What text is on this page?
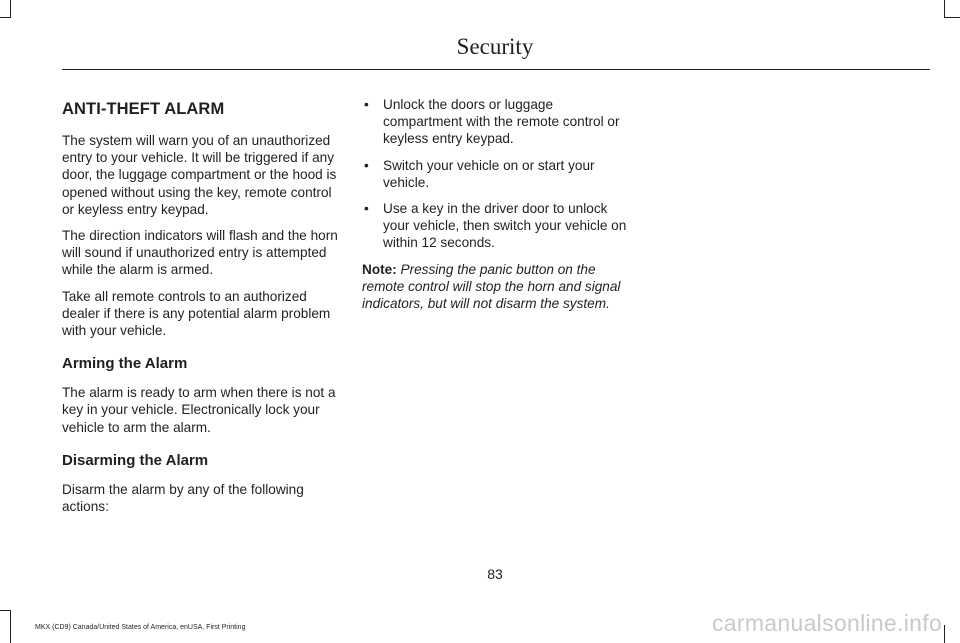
Security
ANTI-THEFT ALARM

The system will warn you of an unauthorized entry to your vehicle. It will be triggered if any door, the luggage compartment or the hood is opened without using the key, remote control or keyless entry keypad.

The direction indicators will flash and the horn will sound if unauthorized entry is attempted while the alarm is armed.

Take all remote controls to an authorized dealer if there is any potential alarm problem with your vehicle.

Arming the Alarm

The alarm is ready to arm when there is not a key in your vehicle. Electronically lock your vehicle to arm the alarm.

Disarming the Alarm

Disarm the alarm by any of the following actions:

• Unlock the doors or luggage compartment with the remote control or keyless entry keypad.
• Switch your vehicle on or start your vehicle.
• Use a key in the driver door to unlock your vehicle, then switch your vehicle on within 12 seconds.

Note: Pressing the panic button on the remote control will stop the horn and signal indicators, but will not disarm the system.

83
MKX (CD9) Canada/United States of America, enUSA, First Printing	carmanualsonline.info
